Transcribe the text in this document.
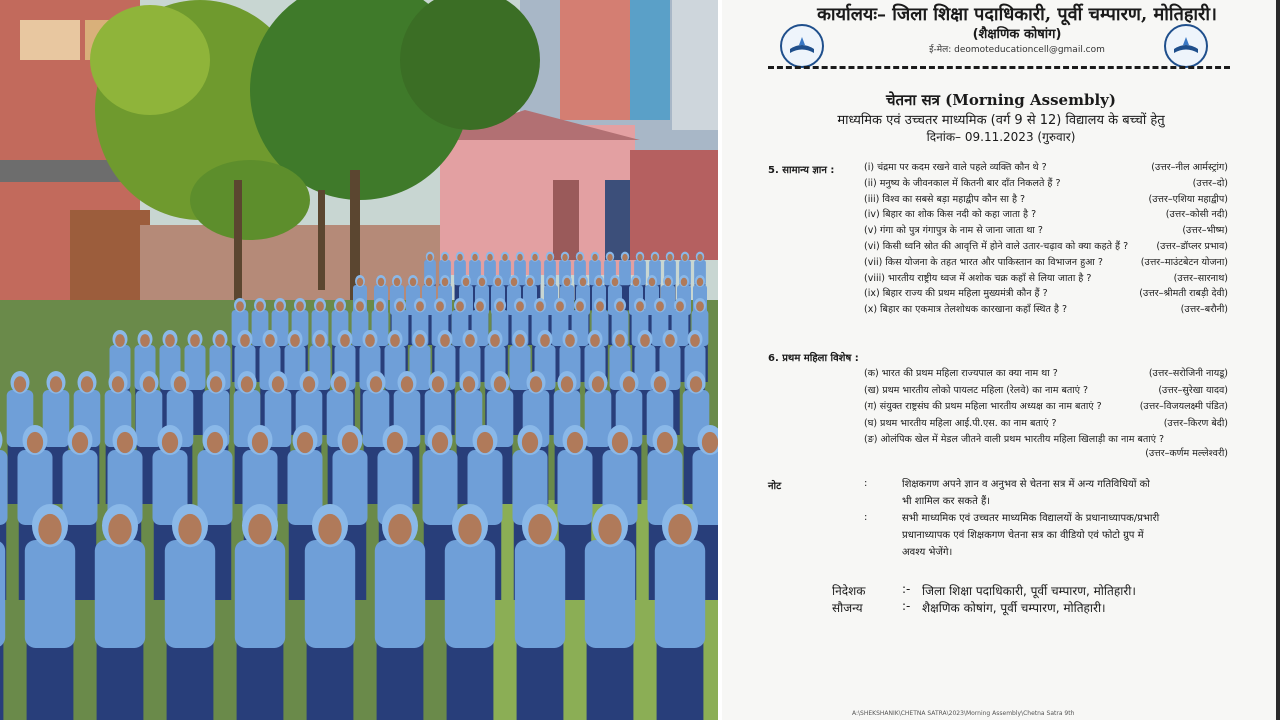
कार्यालयः– जिला शिक्षा पदाधिकारी, पूर्वी चम्पारण, मोतिहारी।
(शैक्षणिक कोषांग)
ई-मेल: deomoteducationcell@gmail.com
चेतना सत्र (Morning Assembly)
माध्यमिक एवं उच्चतर माध्यमिक (वर्ग 9 से 12) विद्यालय के बच्चों हेतु
दिनांक– 09.11.2023 (गुरुवार)
5. सामान्य ज्ञान :	(i) चंद्रमा पर कदम रखने वाले पहले व्यक्ति कौन थे ?	(उत्तर–नील आर्मस्ट्रांग)
(ii) मनुष्य के जीवनकाल में कितनी बार दाँत निकलते हैं ?	(उत्तर–दो)
(iii) विश्व का सबसे बड़ा महाद्वीप कौन सा है ?	(उत्तर–एशिया महाद्वीप)
(iv) बिहार का शोक किस नदी को कहा जाता है ?	(उत्तर–कोसी नदी)
(v) गंगा को पुत्र गंगापुत्र के नाम से जाना जाता था ?	(उत्तर–भीष्म)
(vi) किसी ध्वनि स्रोत की आवृत्ति में होने वाले उतार-चढ़ाव को क्या कहते हैं ?	(उत्तर–डॉप्लर प्रभाव)
(vii) किस योजना के तहत भारत और पाकिस्तान का विभाजन हुआ ?	(उत्तर–माउंटबेटन योजना)
(viii) भारतीय राष्ट्रीय ध्वज में अशोक चक्र कहाँ से लिया जाता है ?	(उत्तर–सारनाथ)
(ix) बिहार राज्य की प्रथम महिला मुख्यमंत्री कौन हैं ?	(उत्तर–श्रीमती राबड़ी देवी)
(x) बिहार का एकमात्र तेलशोधक कारखाना कहाँ स्थित है ?	(उत्तर–बरौनी)
6. प्रथम महिला विशेष :
(क) भारत की प्रथम महिला राज्यपाल का क्या नाम था ?	(उत्तर–सरोजिनी नायडू)
(ख) प्रथम भारतीय लोको पायलट महिला (रेलवे) का नाम बताएं ?	(उत्तर–सुरेखा यादव)
(ग) संयुक्त राष्ट्रसंघ की प्रथम महिला भारतीय अध्यक्ष का नाम बताएं ?	(उत्तर–विजयलक्ष्मी पंडित)
(घ) प्रथम भारतीय महिला आई.पी.एस. का नाम बताएं ?	(उत्तर–किरण बेदी)
(ङ) ओलंपिक खेल में मेडल जीतने वाली प्रथम भारतीय महिला खिलाड़ी का नाम बताएं ?
(उत्तर–कर्णम मल्लेश्वरी)
नोट	:
:
शिक्षकगण अपने ज्ञान व अनुभव से चेतना सत्र में अन्य गतिविधियों को
भी शामिल कर सकते हैं।
सभी माध्यमिक एवं उच्चतर माध्यमिक विद्यालयों के प्रधानाध्यापक/प्रभारी
प्रधानाध्यापक एवं शिक्षकगण चेतना सत्र का वीडियो एवं फोटो ग्रुप में
अवश्य भेजेंगे।
निदेशक	:- जिला शिक्षा पदाधिकारी, पूर्वी चम्पारण, मोतिहारी।
सौजन्य	:- शैक्षणिक कोषांग, पूर्वी चम्पारण, मोतिहारी।
A:\SHEKSHANIK\CHETNA SATRA\2023\Morning Assembly\Chetna Satra 9th
